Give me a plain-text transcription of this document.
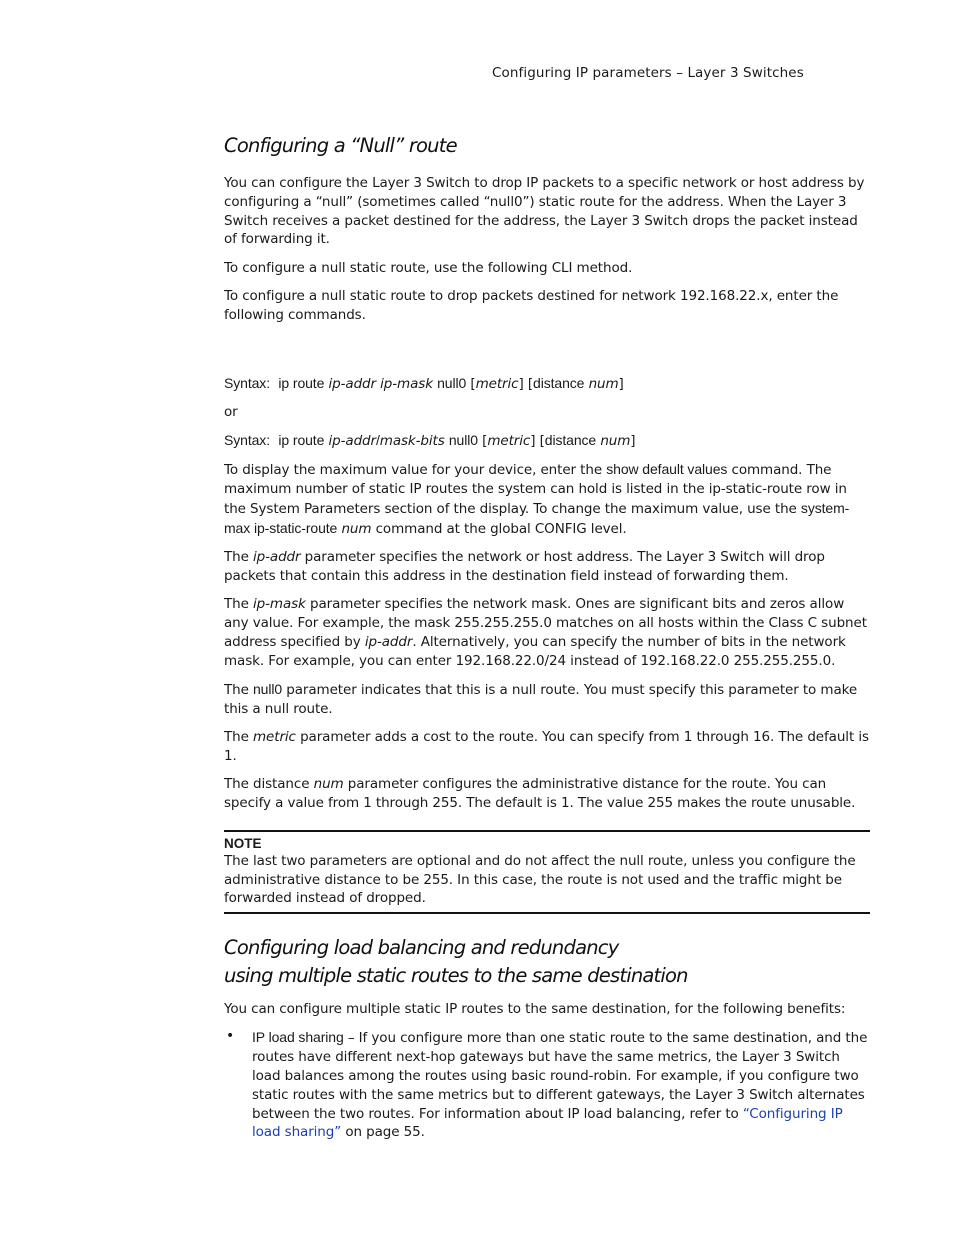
Configuring IP parameters – Layer 3 Switches
Configuring a “Null” route

You can configure the Layer 3 Switch to drop IP packets to a specific network or host address by configuring a “null” (sometimes called “null0”) static route for the address. When the Layer 3 Switch receives a packet destined for the address, the Layer 3 Switch drops the packet instead of forwarding it.

To configure a null static route, use the following CLI method.

To configure a null static route to drop packets destined for network 192.168.22.x, enter the following commands.

Syntax: ip route ip-addr ip-mask null0 [metric] [distance num]

or

Syntax: ip route ip-addr/mask-bits null0 [metric] [distance num]

To display the maximum value for your device, enter the show default values command. The maximum number of static IP routes the system can hold is listed in the ip-static-route row in the System Parameters section of the display. To change the maximum value, use the system-max ip-static-route num command at the global CONFIG level.

The ip-addr parameter specifies the network or host address. The Layer 3 Switch will drop packets that contain this address in the destination field instead of forwarding them.

The ip-mask parameter specifies the network mask. Ones are significant bits and zeros allow any value. For example, the mask 255.255.255.0 matches on all hosts within the Class C subnet address specified by ip-addr. Alternatively, you can specify the number of bits in the network mask. For example, you can enter 192.168.22.0/24 instead of 192.168.22.0 255.255.255.0.

The null0 parameter indicates that this is a null route. You must specify this parameter to make this a null route.

The metric parameter adds a cost to the route. You can specify from 1 through 16. The default is 1.

The distance num parameter configures the administrative distance for the route. You can specify a value from 1 through 255. The default is 1. The value 255 makes the route unusable.

NOTE

The last two parameters are optional and do not affect the null route, unless you configure the administrative distance to be 255. In this case, the route is not used and the traffic might be forwarded instead of dropped.

Configuring load balancing and redundancy
using multiple static routes to the same destination

You can configure multiple static IP routes to the same destination, for the following benefits:

• IP load sharing – If you configure more than one static route to the same destination, and the routes have different next-hop gateways but have the same metrics, the Layer 3 Switch load balances among the routes using basic round-robin. For example, if you configure two static routes with the same metrics but to different gateways, the Layer 3 Switch alternates between the two routes. For information about IP load balancing, refer to “Configuring IP load sharing” on page 55.
